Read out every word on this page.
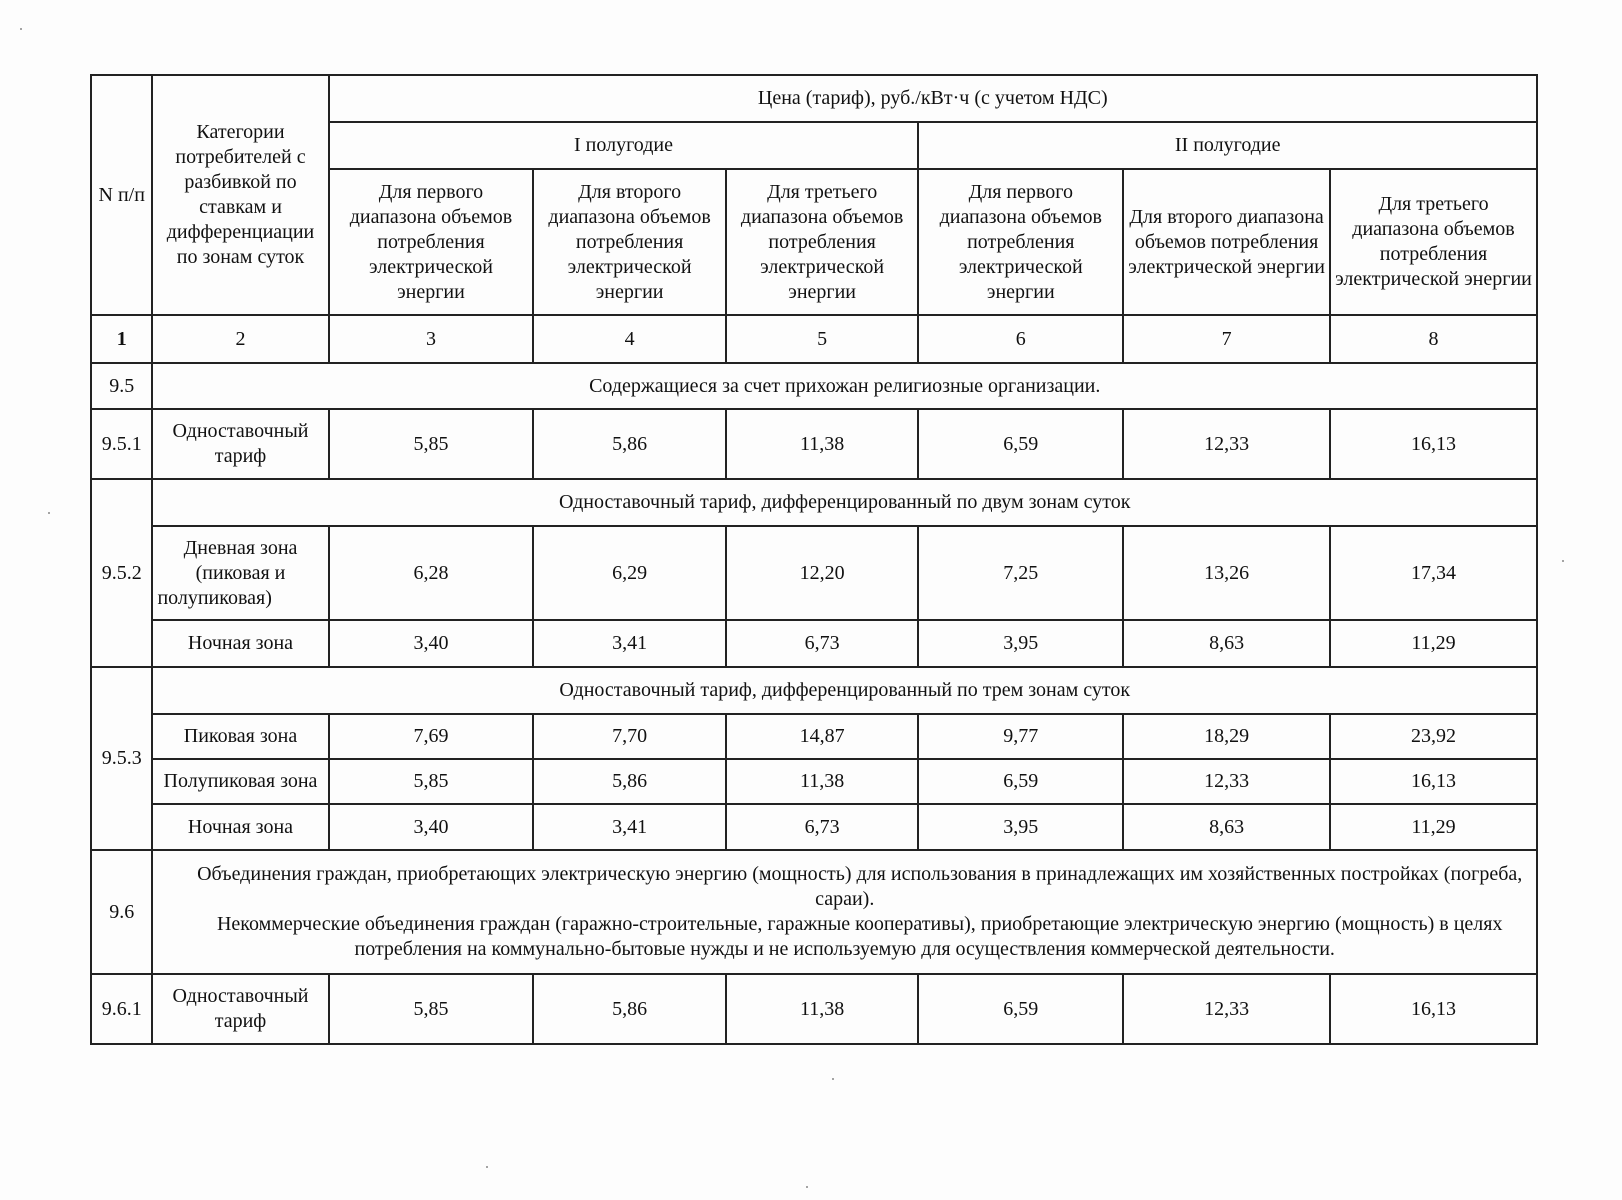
N п/п	Категории потребителей с разбивкой по ставкам и дифференциации по зонам суток	Цена (тариф), руб./кВт·ч (с учетом НДС)					
		I полугодие			II полугодие		
		Для первого диапазона объемов потребления электрической энергии	Для второго диапазона объемов потребления электрической энергии	Для третьего диапазона объемов потребления электрической энергии	Для первого диапазона объемов потребления электрической энергии	Для второго диапазона объемов потребления электрической энергии	Для третьего диапазона объемов потребления электрической энергии
1	2	3	4	5	6	7	8
9.5	Содержащиеся за счет прихожан религиозные организации.						
9.5.1	Одноставочный тариф	5,85	5,86	11,38	6,59	12,33	16,13
9.5.2	Одноставочный тариф, дифференцированный по двум зонам суток						
	Дневная зона (пиковая и полупиковая)	6,28	6,29	12,20	7,25	13,26	17,34
	Ночная зона	3,40	3,41	6,73	3,95	8,63	11,29
9.5.3	Одноставочный тариф, дифференцированный по трем зонам суток						
	Пиковая зона	7,69	7,70	14,87	9,77	18,29	23,92
	Полупиковая зона	5,85	5,86	11,38	6,59	12,33	16,13
	Ночная зона	3,40	3,41	6,73	3,95	8,63	11,29
9.6	Объединения граждан, приобретающих электрическую энергию (мощность) для использования в принадлежащих им хозяйственных постройках (погреба, сараи).
Некоммерческие объединения граждан (гаражно-строительные, гаражные кооперативы), приобретающие электрическую энергию (мощность) в целях потребления на коммунально-бытовые нужды и не используемую для осуществления коммерческой деятельности.						

9.6.1	Одноставочный тариф	5,85	5,86	11,38	6,59	12,33	16,13
